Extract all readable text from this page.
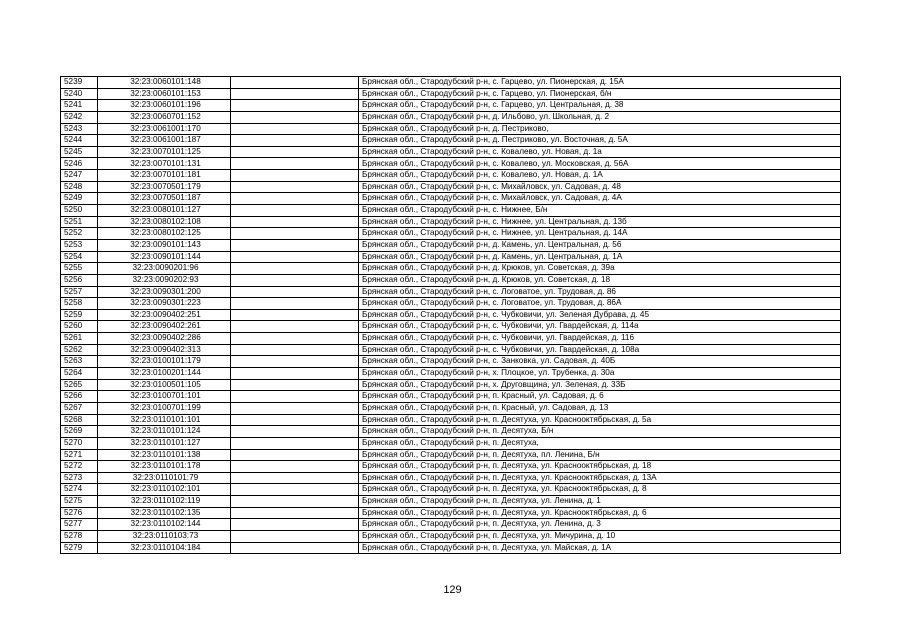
5239	32:23:0060101:148		Брянская обл., Стародубский р-н, с. Гарцево, ул. Пионерская, д. 15А
5240	32:23:0060101:153		Брянская обл., Стародубский р-н, с. Гарцево, ул. Пионерская, б/н
5241	32:23:0060101:196		Брянская обл., Стародубский р-н, с. Гарцево, ул. Центральная, д. 38
5242	32:23:0060701:152		Брянская обл., Стародубский р-н, д. Ильбово, ул. Школьная, д. 2
5243	32:23:0061001:170		Брянская обл., Стародубский р-н, д. Пестриково,
5244	32:23:0061001:187		Брянская обл., Стародубский р-н, д. Пестриково, ул. Восточная, д. 5А
5245	32:23:0070101:125		Брянская обл., Стародубский р-н, с. Ковалево, ул. Новая, д. 1а
5246	32:23:0070101:131		Брянская обл., Стародубский р-н, с. Ковалево, ул. Московская, д. 56А
5247	32:23:0070101:181		Брянская обл., Стародубский р-н, с. Ковалево, ул. Новая, д. 1А
5248	32:23:0070501:179		Брянская обл., Стародубский р-н, с. Михайловск, ул. Садовая, д. 48
5249	32:23:0070501:187		Брянская обл., Стародубский р-н, с. Михайловск, ул. Садовая, д. 4А
5250	32:23:0080101:127		Брянская обл., Стародубский р-н, с. Нижнее, Б/н
5251	32:23:0080102:108		Брянская обл., Стародубский р-н, с. Нижнее, ул. Центральная, д. 13б
5252	32:23:0080102:125		Брянская обл., Стародубский р-н, с. Нижнее, ул. Центральная, д. 14А
5253	32:23:0090101:143		Брянская обл., Стародубский р-н, д. Камень, ул. Центральная, д. 56
5254	32:23:0090101:144		Брянская обл., Стародубский р-н, д. Камень, ул. Центральная, д. 1А
5255	32:23:0090201:96		Брянская обл., Стародубский р-н, д. Крюков, ул. Советская, д. 39а
5256	32:23:0090202:93		Брянская обл., Стародубский р-н, д. Крюков, ул. Советская, д. 18
5257	32:23:0090301:200		Брянская обл., Стародубский р-н, с. Логоватое, ул. Трудовая, д. 86
5258	32:23:0090301:223		Брянская обл., Стародубский р-н, с. Логоватое, ул. Трудовая, д. 86А
5259	32:23:0090402:251		Брянская обл., Стародубский р-н, с. Чубковичи, ул. Зеленая Дубрава, д. 45
5260	32:23:0090402:261		Брянская обл., Стародубский р-н, с. Чубковичи, ул. Гвардейская, д. 114а
5261	32:23:0090402:286		Брянская обл., Стародубский р-н, с. Чубковичи, ул. Гвардейская, д. 116
5262	32:23:0090402:313		Брянская обл., Стародубский р-н, с. Чубковичи, ул. Гвардейская, д. 108а
5263	32:23:0100101:179		Брянская обл., Стародубский р-н, с. Занковка, ул. Садовая, д. 40Б
5264	32:23:0100201:144		Брянская обл., Стародубский р-н, х. Плоцкое, ул. Трубенка, д. 30а
5265	32:23:0100501:105		Брянская обл., Стародубский р-н, х. Друговщина, ул. Зеленая, д. 33Б
5266	32:23:0100701:101		Брянская обл., Стародубский р-н, п. Красный, ул. Садовая, д. 6
5267	32:23:0100701:199		Брянская обл., Стародубский р-н, п. Красный, ул. Садовая, д. 13
5268	32:23:0110101:101		Брянская обл., Стародубский р-н, п. Десятуха, ул. Краснооктябрьская, д. 5а
5269	32:23:0110101:124		Брянская обл., Стародубский р-н, п. Десятуха, Б/н
5270	32:23:0110101:127		Брянская обл., Стародубский р-н, п. Десятуха,
5271	32:23:0110101:138		Брянская обл., Стародубский р-н, п. Десятуха, пл. Ленина, Б/н
5272	32:23:0110101:178		Брянская обл., Стародубский р-н, п. Десятуха, ул. Краснооктябрьская, д. 18
5273	32:23:0110101:79		Брянская обл., Стародубский р-н, п. Десятуха, ул. Краснооктябрьская, д. 13А
5274	32:23:0110102:101		Брянская обл., Стародубский р-н, п. Десятуха, ул. Краснооктябрьская, д. 8
5275	32:23:0110102:119		Брянская обл., Стародубский р-н, п. Десятуха, ул. Ленина, д. 1
5276	32:23:0110102:135		Брянская обл., Стародубский р-н, п. Десятуха, ул. Краснооктябрьская, д. 6
5277	32:23:0110102:144		Брянская обл., Стародубский р-н, п. Десятуха, ул. Ленина, д. 3
5278	32:23:0110103:73		Брянская обл., Стародубский р-н, п. Десятуха, ул. Мичурина, д. 10
5279	32:23:0110104:184		Брянская обл., Стародубский р-н, п. Десятуха, ул. Майская, д. 1А
129
